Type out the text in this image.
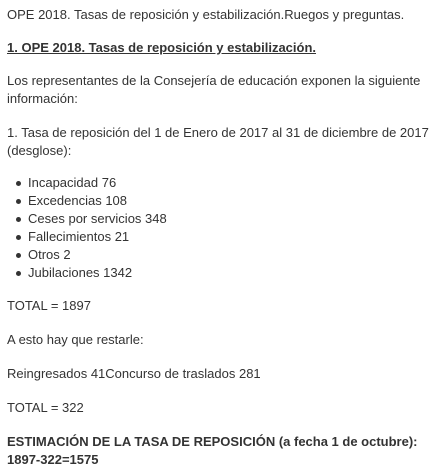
OPE 2018. Tasas de reposición y estabilización.Ruegos y preguntas.

1. OPE 2018. Tasas de reposición y estabilización.

Los representantes de la Consejería de educación exponen la siguiente información:

1. Tasa de reposición del 1 de Enero de 2017 al 31 de diciembre de 2017 (desglose):

Incapacidad 76
Excedencias 108
Ceses por servicios 348
Fallecimientos 21
Otros 2
Jubilaciones 1342

TOTAL = 1897

A esto hay que restarle:

Reingresados 41Concurso de traslados 281

TOTAL = 322

ESTIMACIÓN DE LA TASA DE REPOSICIÓN (a fecha 1 de octubre):
1897-322=1575
